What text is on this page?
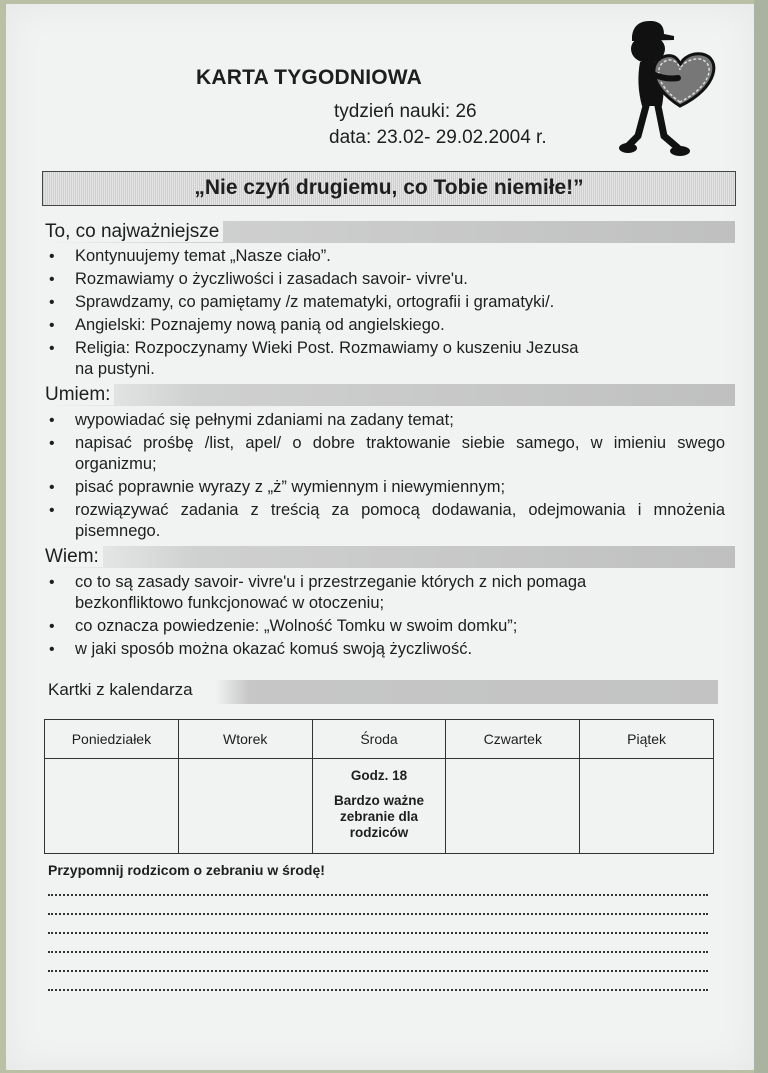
KARTA TYGODNIOWA
tydzień nauki: 26
data: 23.02- 29.02.2004 r.
„Nie czyń drugiemu, co Tobie niemiłe!”
To, co najważniejsze
• Kontynuujemy temat „Nasze ciało”.
• Rozmawiamy o życzliwości i zasadach savoir- vivre'u.
• Sprawdzamy, co pamiętamy /z matematyki, ortografii i gramatyki/.
• Angielski: Poznajemy nową panią od angielskiego.
• Religia: Rozpoczynamy Wieki Post. Rozmawiamy o kuszeniu Jezusa na pustyni.
Umiem:
• wypowiadać się pełnymi zdaniami na zadany temat;
• napisać prośbę /list, apel/ o dobre traktowanie siebie samego, w imieniu swego organizmu;
• pisać poprawnie wyrazy z „ż” wymiennym i niewymiennym;
• rozwiązywać zadania z treścią za pomocą dodawania, odejmowania i mnożenia pisemnego.
Wiem:
• co to są zasady savoir- vivre'u i przestrzeganie których z nich pomaga bezkonfliktowo funkcjonować w otoczeniu;
• co oznacza powiedzenie: „Wolność Tomku w swoim domku”;
• w jaki sposób można okazać komuś swoją życzliwość.
Kartki z kalendarza
Poniedziałek	Wtorek	Środa	Czwartek	Piątek

		Godz. 18
Bardzo ważne zebranie dla rodziców		

Przypomnij rodzicom o zebraniu w środę!
